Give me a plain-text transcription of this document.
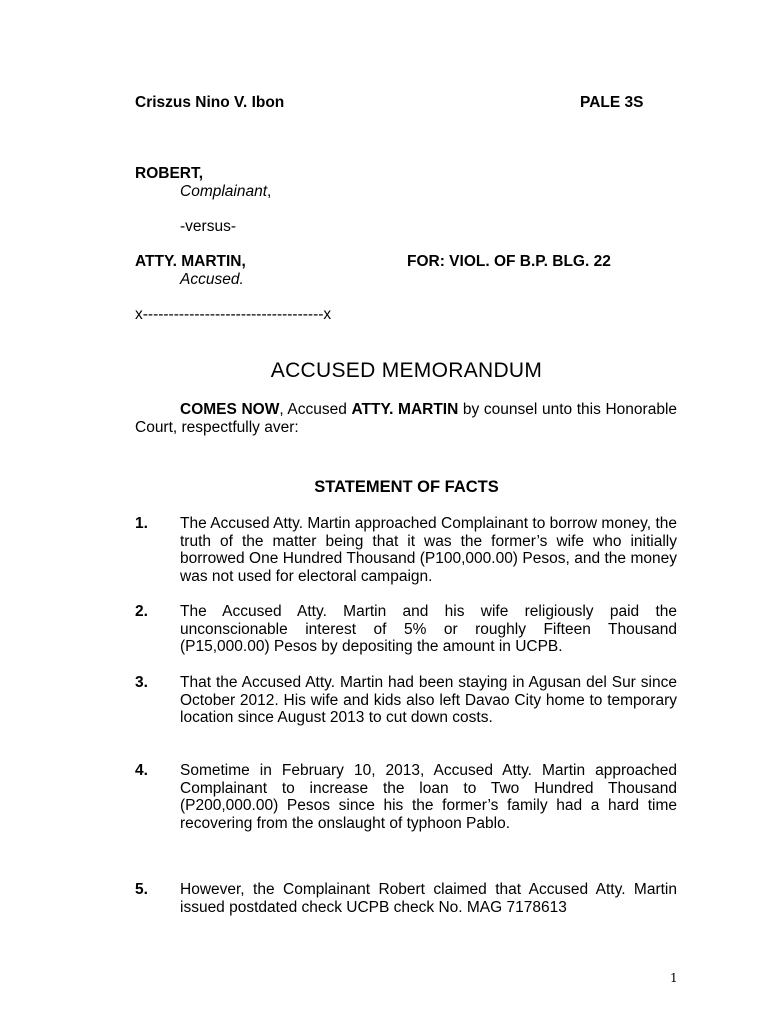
Criszus Nino V. Ibon	PALE 3S
ROBERT,
Complainant,
-versus-
ATTY. MARTIN,	FOR: VIOL. OF B.P. BLG. 22
Accused.
x-----------------------------------x
ACCUSED MEMORANDUM
COMES NOW, Accused ATTY. MARTIN by counsel unto this Honorable Court, respectfully aver:
STATEMENT OF FACTS
1. The Accused Atty. Martin approached Complainant to borrow money, the truth of the matter being that it was the former’s wife who initially borrowed One Hundred Thousand (P100,000.00) Pesos, and the money was not used for electoral campaign.
2. The Accused Atty. Martin and his wife religiously paid the unconscionable interest of 5% or roughly Fifteen Thousand (P15,000.00) Pesos by depositing the amount in UCPB.
3. That the Accused Atty. Martin had been staying in Agusan del Sur since October 2012. His wife and kids also left Davao City home to temporary location since August 2013 to cut down costs.
4. Sometime in February 10, 2013, Accused Atty. Martin approached Complainant to increase the loan to Two Hundred Thousand (P200,000.00) Pesos since his the former’s family had a hard time recovering from the onslaught of typhoon Pablo.
5. However, the Complainant Robert claimed that Accused Atty. Martin issued postdated check UCPB check No. MAG 7178613
1
